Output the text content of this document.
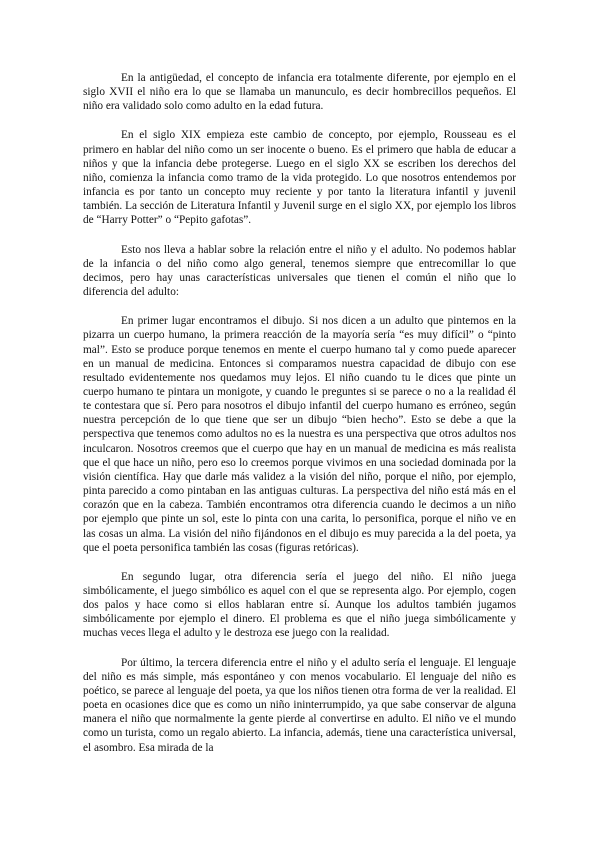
En la antigüedad, el concepto de infancia era totalmente diferente, por ejemplo en el siglo XVII el niño era lo que se llamaba un manunculo, es decir hombrecillos pequeños. El niño era validado solo como adulto en la edad futura.

En el siglo XIX empieza este cambio de concepto, por ejemplo, Rousseau es el primero en hablar del niño como un ser inocente o bueno. Es el primero que habla de educar a niños y que la infancia debe protegerse. Luego en el siglo XX se escriben los derechos del niño, comienza la infancia como tramo de la vida protegido. Lo que nosotros entendemos por infancia es por tanto un concepto muy reciente y por tanto la literatura infantil y juvenil también. La sección de Literatura Infantil y Juvenil surge en el siglo XX, por ejemplo los libros de “Harry Potter” o “Pepito gafotas”.

Esto nos lleva a hablar sobre la relación entre el niño y el adulto. No podemos hablar de la infancia o del niño como algo general, tenemos siempre que entrecomillar lo que decimos, pero hay unas características universales que tienen el común el niño que lo diferencia del adulto:

En primer lugar encontramos el dibujo. Si nos dicen a un adulto que pintemos en la pizarra un cuerpo humano, la primera reacción de la mayoría sería “es muy difícil” o “pinto mal”. Esto se produce porque tenemos en mente el cuerpo humano tal y como puede aparecer en un manual de medicina. Entonces si comparamos nuestra capacidad de dibujo con ese resultado evidentemente nos quedamos muy lejos. El niño cuando tu le dices que pinte un cuerpo humano te pintara un monigote, y cuando le preguntes si se parece o no a la realidad él te contestara que sí. Pero para nosotros el dibujo infantil del cuerpo humano es erróneo, según nuestra percepción de lo que tiene que ser un dibujo “bien hecho”. Esto se debe a que la perspectiva que tenemos como adultos no es la nuestra es una perspectiva que otros adultos nos inculcaron. Nosotros creemos que el cuerpo que hay en un manual de medicina es más realista que el que hace un niño, pero eso lo creemos porque vivimos en una sociedad dominada por la visión científica. Hay que darle más validez a la visión del niño, porque el niño, por ejemplo, pinta parecido a como pintaban en las antiguas culturas. La perspectiva del niño está más en el corazón que en la cabeza. También encontramos otra diferencia cuando le decimos a un niño por ejemplo que pinte un sol, este lo pinta con una carita, lo personifica, porque el niño ve en las cosas un alma. La visión del niño fijándonos en el dibujo es muy parecida a la del poeta, ya que el poeta personifica también las cosas (figuras retóricas).

En segundo lugar, otra diferencia sería el juego del niño. El niño juega simbólicamente, el juego simbólico es aquel con el que se representa algo. Por ejemplo, cogen dos palos y hace como si ellos hablaran entre sí. Aunque los adultos también jugamos simbólicamente por ejemplo el dinero. El problema es que el niño juega simbólicamente y muchas veces llega el adulto y le destroza ese juego con la realidad.

Por último, la tercera diferencia entre el niño y el adulto sería el lenguaje. El lenguaje del niño es más simple, más espontáneo y con menos vocabulario. El lenguaje del niño es poético, se parece al lenguaje del poeta, ya que los niños tienen otra forma de ver la realidad. El poeta en ocasiones dice que es como un niño ininterrumpido, ya que sabe conservar de alguna manera el niño que normalmente la gente pierde al convertirse en adulto. El niño ve el mundo como un turista, como un regalo abierto. La infancia, además, tiene una característica universal, el asombro. Esa mirada de la
